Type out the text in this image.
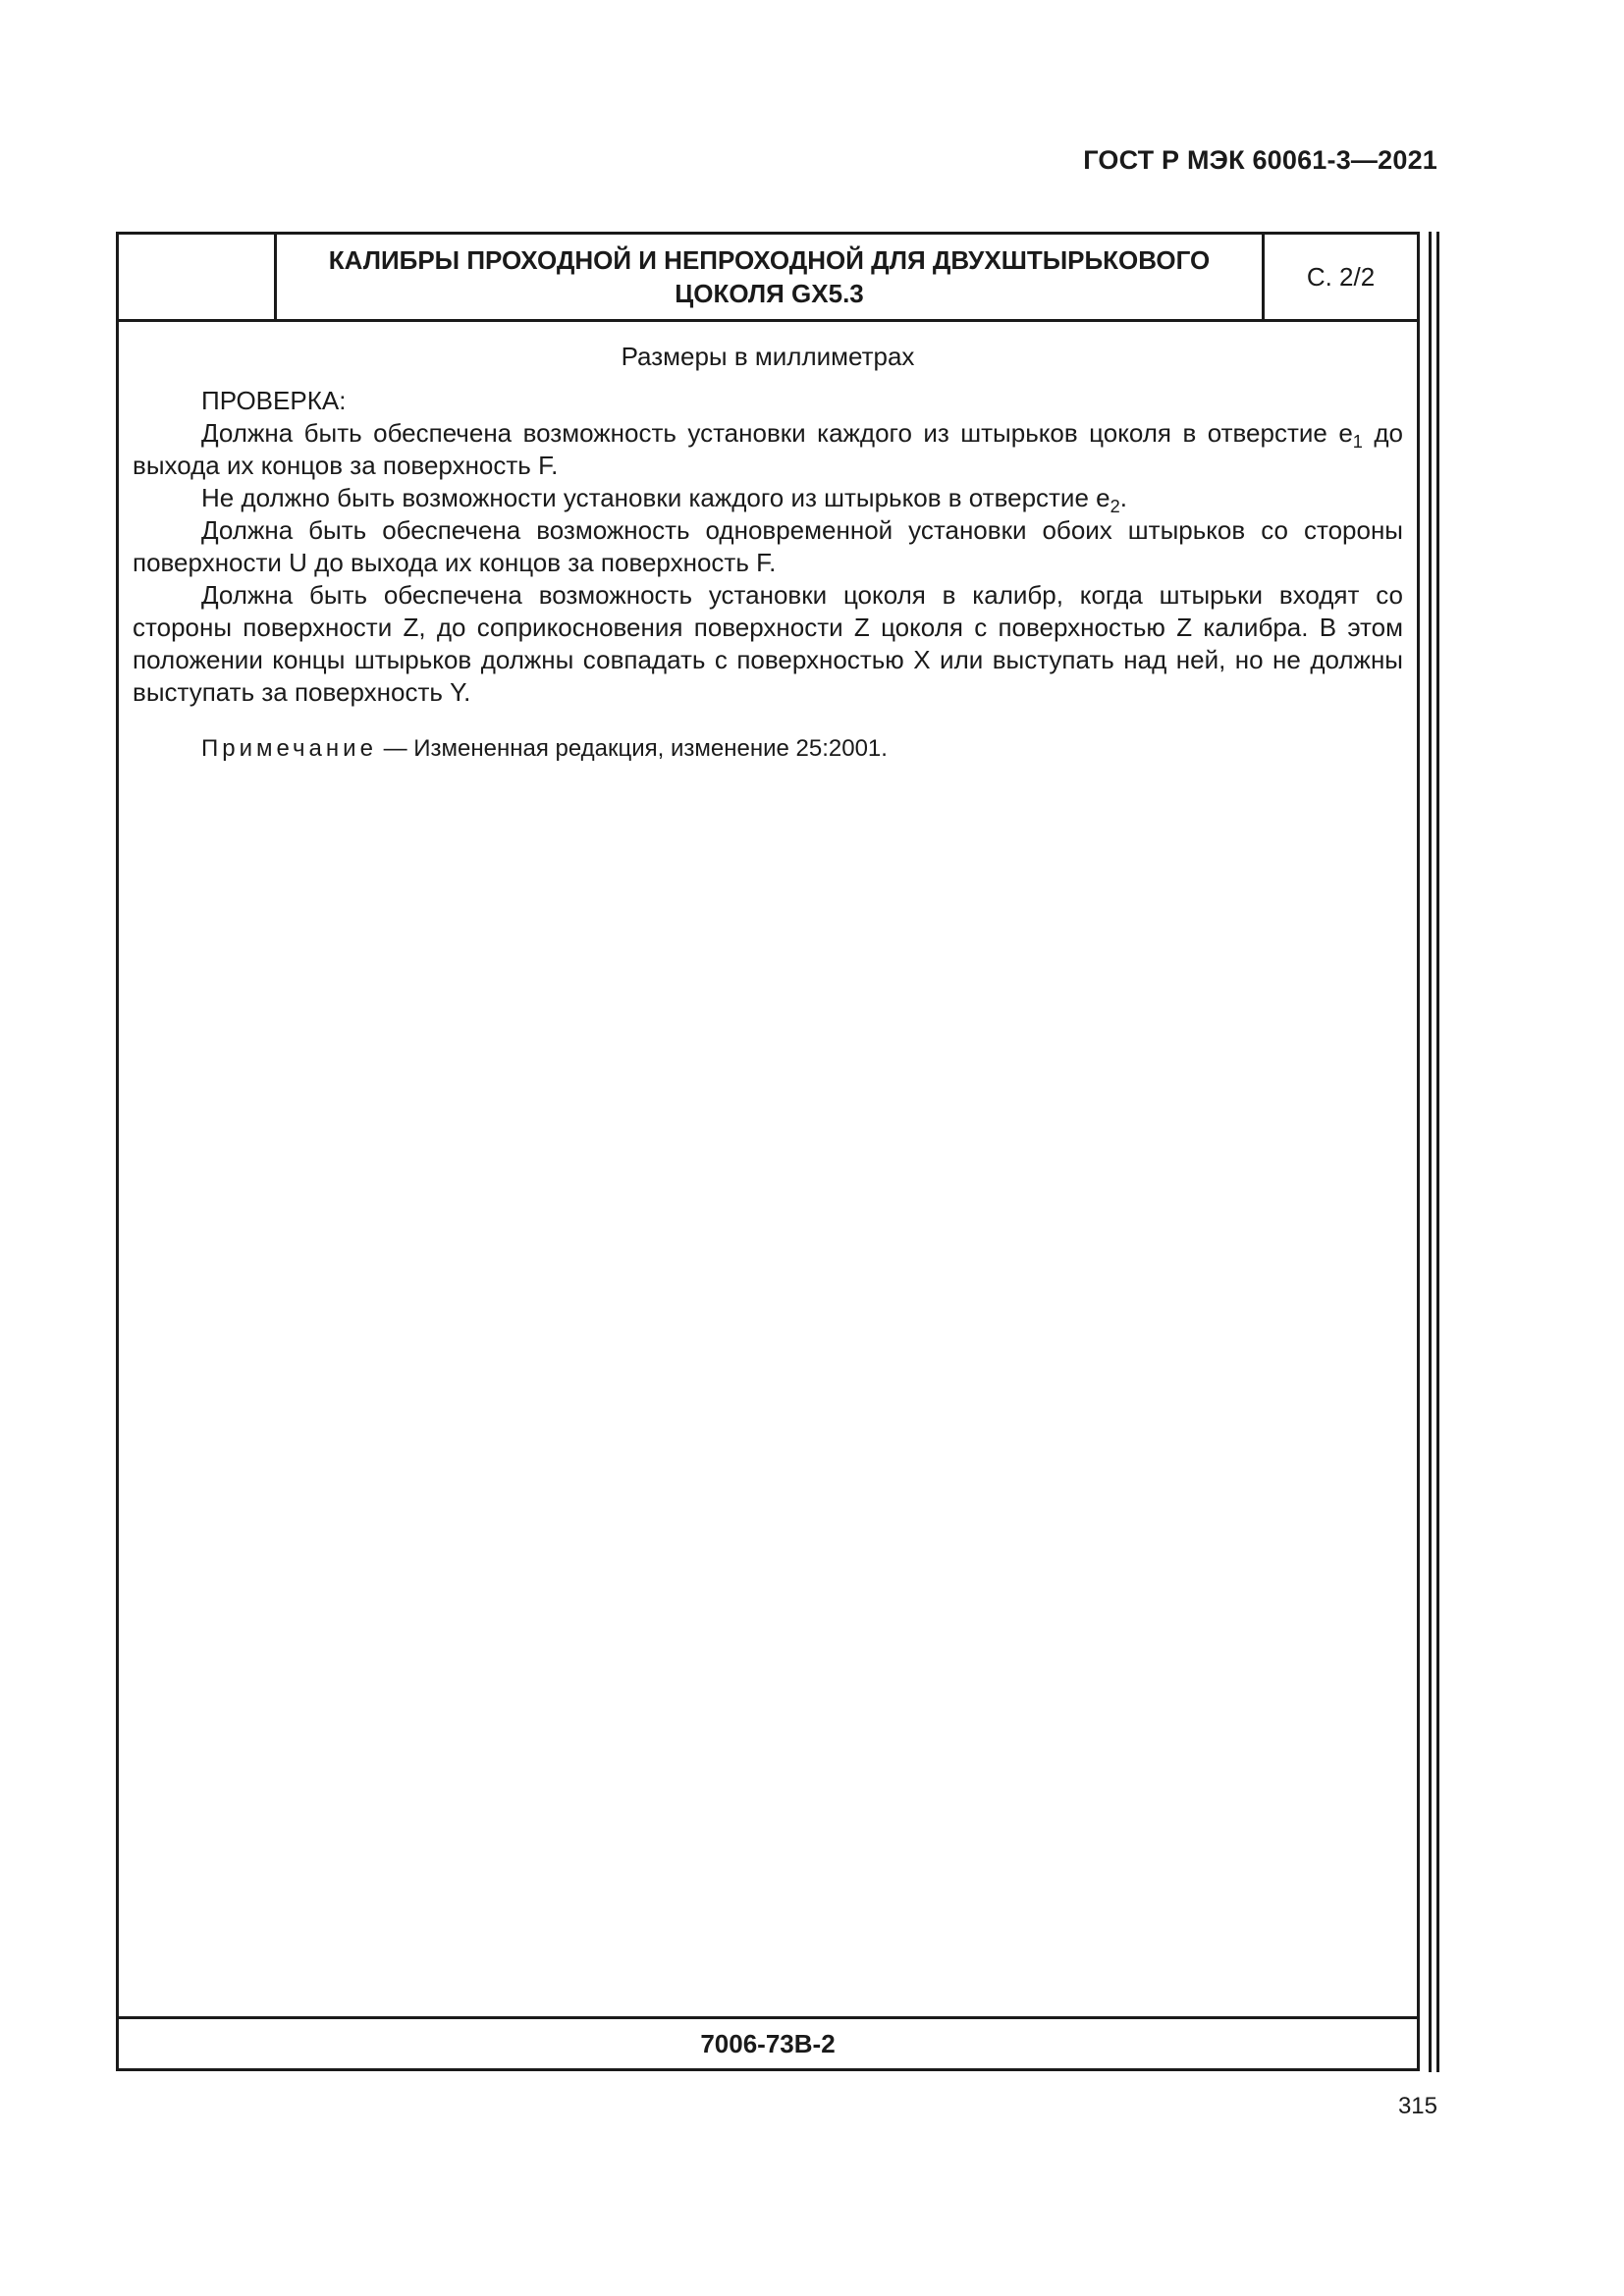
ГОСТ Р МЭК 60061-3—2021
КАЛИБРЫ ПРОХОДНОЙ И НЕПРОХОДНОЙ ДЛЯ ДВУХШТЫРЬКОВОГО
ЦОКОЛЯ GX5.3
С. 2/2

Размеры в миллиметрах

ПРОВЕРКА:

Должна быть обеспечена возможность установки каждого из штырьков цоколя в отверстие $e_1$ до выхода их концов за поверхность F.

Не должно быть возможности установки каждого из штырьков в отверстие $e_2$.

Должна быть обеспечена возможность одновременной установки обоих штырьков со стороны поверхности U до выхода их концов за поверхность F.

Должна быть обеспечена возможность установки цоколя в калибр, когда штырьки входят со стороны поверхности Z, до соприкосновения поверхности Z цоколя с поверхностью Z калибра. В этом положении концы штырьков должны совпадать с поверхностью X или выступать над ней, но не должны выступать за поверхность Y.

Примечание — Измененная редакция, изменение 25:2001.

7006-73B-2
315
